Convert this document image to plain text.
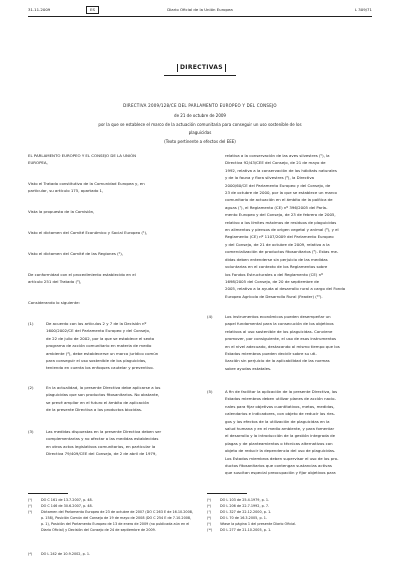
31.11.2009	ES	Diario Oficial de la Unión Europea	L 309/71
DIRECTIVAS
DIRECTIVA 2009/128/CE DEL PARLAMENTO EUROPEO Y DEL CONSEJO
de 21 de octubre de 2009
por la que se establece el marco de la actuación comunitaria para conseguir un uso sostenible de los
plaguicidas
(Texto pertinente a efectos del EEE)
EL PARLAMENTO EUROPEO Y EL CONSEJO DE LA UNIÓN
EUROPEA,
Visto el Tratado constitutivo de la Comunidad Europea y, en
particular, su artículo 175, apartado 1,
Vista la propuesta de la Comisión,
Visto el dictamen del Comité Económico y Social Europeo (¹),
Visto el dictamen del Comité de las Regiones (²),
De conformidad con el procedimiento establecido en el
artículo 251 del Tratado (³),
Considerando lo siguiente:
(1)	De acuerdo con los artículos 2 y 7 de la Decisión nº
1600/2002/CE del Parlamento Europeo y del Consejo,
de 22 de julio de 2002, por la que se establece el sexto
programa de acción comunitario en materia de medio
ambiente (⁴), debe establecerse un marco jurídico común
para conseguir el uso sostenible de los plaguicidas,
teniendo en cuenta los enfoques cautelar y preventivo.
(2)	En la actualidad, la presente Directiva debe aplicarse a los
plaguicidas que son productos fitosanitarios. No obstante,
se prevé ampliar en el futuro el ámbito de aplicación
de la presente Directiva a los productos biocidas.
(3)	Las medidas dispuestas en la presente Directiva deben ser
complementarias y no afectar a las medidas establecidas
en otros actos legislativos comunitarios, en particular la
Directiva 79/409/CEE del Consejo, de 2 de abril de 1979,
relativa a la conservación de las aves silvestres (⁵), la
Directiva 92/43/CEE del Consejo, de 21 de mayo de
1992, relativa a la conservación de los hábitats naturales
y de la fauna y flora silvestres (⁶), la Directiva
2000/60/CE del Parlamento Europeo y del Consejo, de
23 de octubre de 2000, por la que se establece un marco
comunitario de actuación en el ámbito de la política de
aguas (⁷), el Reglamento (CE) nº 396/2005 del Parla-
mento Europeo y del Consejo, de 23 de febrero de 2005,
relativo a los límites máximos de residuos de plaguicidas
en alimentos y piensos de origen vegetal y animal (⁸), y el
Reglamento (CE) nº 1107/2009 del Parlamento Europeo
y del Consejo, de 21 de octubre de 2009, relativo a la
comercialización de productos fitosanitarios (⁹). Estas me-
didas deben entenderse sin perjuicio de las medidas
voluntarias en el contexto de los Reglamentos sobre
los Fondos Estructurales o del Reglamento (CE) nº
1698/2005 del Consejo, de 20 de septiembre de
2005, relativo a la ayuda al desarrollo rural a cargo del Fondo
Europeo Agrícola de Desarrollo Rural (Feader) (¹⁰).
(4)	Los instrumentos económicos pueden desempeñar un
papel fundamental para la consecución de los objetivos
relativos al uso sostenible de los plaguicidas. Conviene
promover, por consiguiente, el uso de esos instrumentos
en el nivel adecuado, destacando al mismo tiempo que los
Estados miembros pueden decidir sobre su uti-
lización sin perjuicio de la aplicabilidad de las normas
sobre ayudas estatales.
(5)	A fin de facilitar la aplicación de la presente Directiva, los
Estados miembros deben utilizar planes de acción nacio-
nales para fijar objetivos cuantitativos, metas, medidas,
calendarios e indicadores, con objeto de reducir los ries-
gos y los efectos de la utilización de plaguicidas en la
salud humana y en el medio ambiente, y para fomentar
el desarrollo y la introducción de la gestión integrada de
plagas y de planteamientos o técnicas alternativos con
objeto de reducir la dependencia del uso de plaguicidas.
Los Estados miembros deben supervisar el uso de los pro-
ductos fitosanitarios que contengan sustancias activas
que suscitan especial preocupación y fijar objetivos para
(¹)	DO C 161 de 13.7.2007, p. 48.
(²)	DO C 146 de 30.6.2007, p. 48.
(³)	Dictamen del Parlamento Europeo de 23 de octubre de 2007 (DO C 263 E de 16.10.2008, p. 158), Posición Común del Consejo de 19 de mayo de 2008 (DO C 254 E de 7.10.2008, p. 1), Posición del Parlamento Europeo de 13 de enero de 2009 (no publicada aún en el Diario Oficial) y Decisión del Consejo de 24 de septiembre de 2009.
(⁴)	DO L 242 de 10.9.2002, p. 1.
(⁵)	DO L 103 de 25.4.1979, p. 1.
(⁶)	DO L 206 de 22.7.1992, p. 7.
(⁷)	DO L 327 de 22.12.2000, p. 1.
(⁸)	DO L 70 de 16.3.2005, p. 1.
(⁹)	Véase la página 1 del presente Diario Oficial.
(¹⁰) DO L 277 de 21.10.2005, p. 1.
